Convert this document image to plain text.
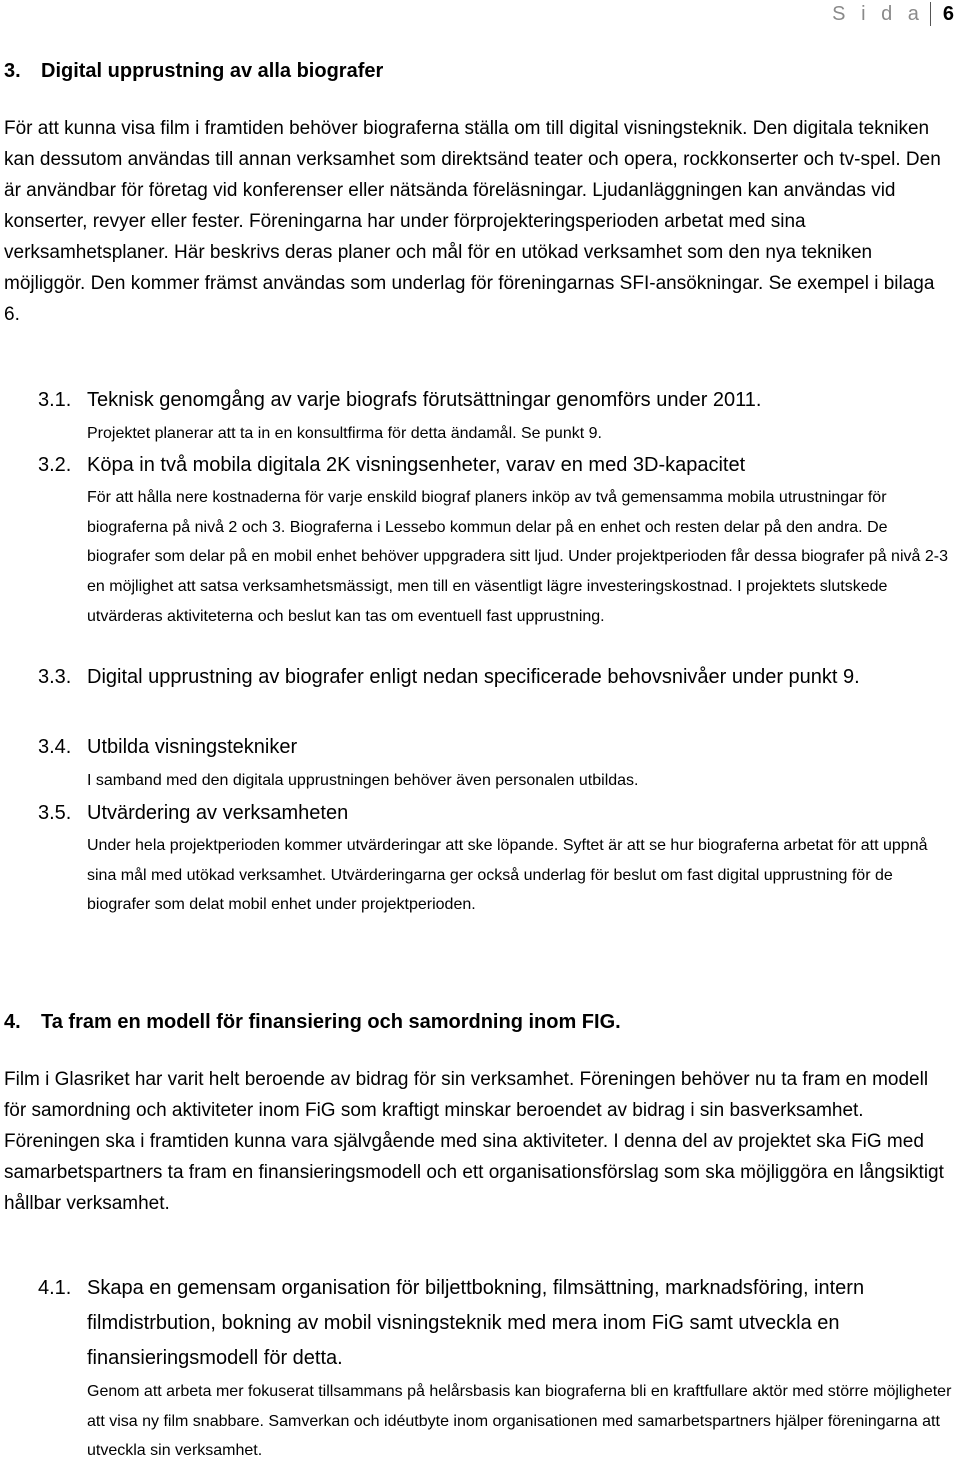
S i d a 6
3. Digital upprustning av alla biografer
För att kunna visa film i framtiden behöver biograferna ställa om till digital visningsteknik. Den digitala tekniken kan dessutom användas till annan verksamhet som direktsänd teater och opera, rockkonserter och tv-spel. Den är användbar för företag vid konferenser eller nätsända föreläsningar. Ljudanläggningen kan användas vid konserter, revyer eller fester. Föreningarna har under förprojekteringsperioden arbetat med sina verksamhetsplaner. Här beskrivs deras planer och mål för en utökad verksamhet som den nya tekniken möjliggör. Den kommer främst användas som underlag för föreningarnas SFI-ansökningar. Se exempel i bilaga 6.
3.1. Teknisk genomgång av varje biografs förutsättningar genomförs under 2011.
Projektet planerar att ta in en konsultfirma för detta ändamål. Se punkt 9.
3.2. Köpa in två mobila digitala 2K visningsenheter, varav en med 3D-kapacitet
För att hålla nere kostnaderna för varje enskild biograf planers inköp av två gemensamma mobila utrustningar för biograferna på nivå 2 och 3. Biograferna i Lessebo kommun delar på en enhet och resten delar på den andra. De biografer som delar på en mobil enhet behöver uppgradera sitt ljud. Under projektperioden får dessa biografer på nivå 2-3 en möjlighet att satsa verksamhetsmässigt, men till en väsentligt lägre investeringskostnad. I projektets slutskede utvärderas aktiviteterna och beslut kan tas om eventuell fast upprustning.
3.3. Digital upprustning av biografer enligt nedan specificerade behovsnivåer under punkt 9.
3.4. Utbilda visningstekniker
I samband med den digitala upprustningen behöver även personalen utbildas.
3.5. Utvärdering av verksamheten
Under hela projektperioden kommer utvärderingar att ske löpande. Syftet är att se hur biograferna arbetat för att uppnå sina mål med utökad verksamhet. Utvärderingarna ger också underlag för beslut om fast digital upprustning för de biografer som delat mobil enhet under projektperioden.
4. Ta fram en modell för finansiering och samordning inom FIG.
Film i Glasriket har varit helt beroende av bidrag för sin verksamhet. Föreningen behöver nu ta fram en modell för samordning och aktiviteter inom FiG som kraftigt minskar beroendet av bidrag i sin basverksamhet. Föreningen ska i framtiden kunna vara självgående med sina aktiviteter. I denna del av projektet ska FiG med samarbetspartners ta fram en finansieringsmodell och ett organisationsförslag som ska möjliggöra en långsiktigt hållbar verksamhet.
4.1. Skapa en gemensam organisation för biljettbokning, filmsättning, marknadsföring, intern filmdistrbution, bokning av mobil visningsteknik med mera inom FiG samt utveckla en finansieringsmodell för detta.
Genom att arbeta mer fokuserat tillsammans på helårsbasis kan biograferna bli en kraftfullare aktör med större möjligheter att visa ny film snabbare. Samverkan och idéutbyte inom organisationen med samarbetspartners hjälper föreningarna att utveckla sin verksamhet.
